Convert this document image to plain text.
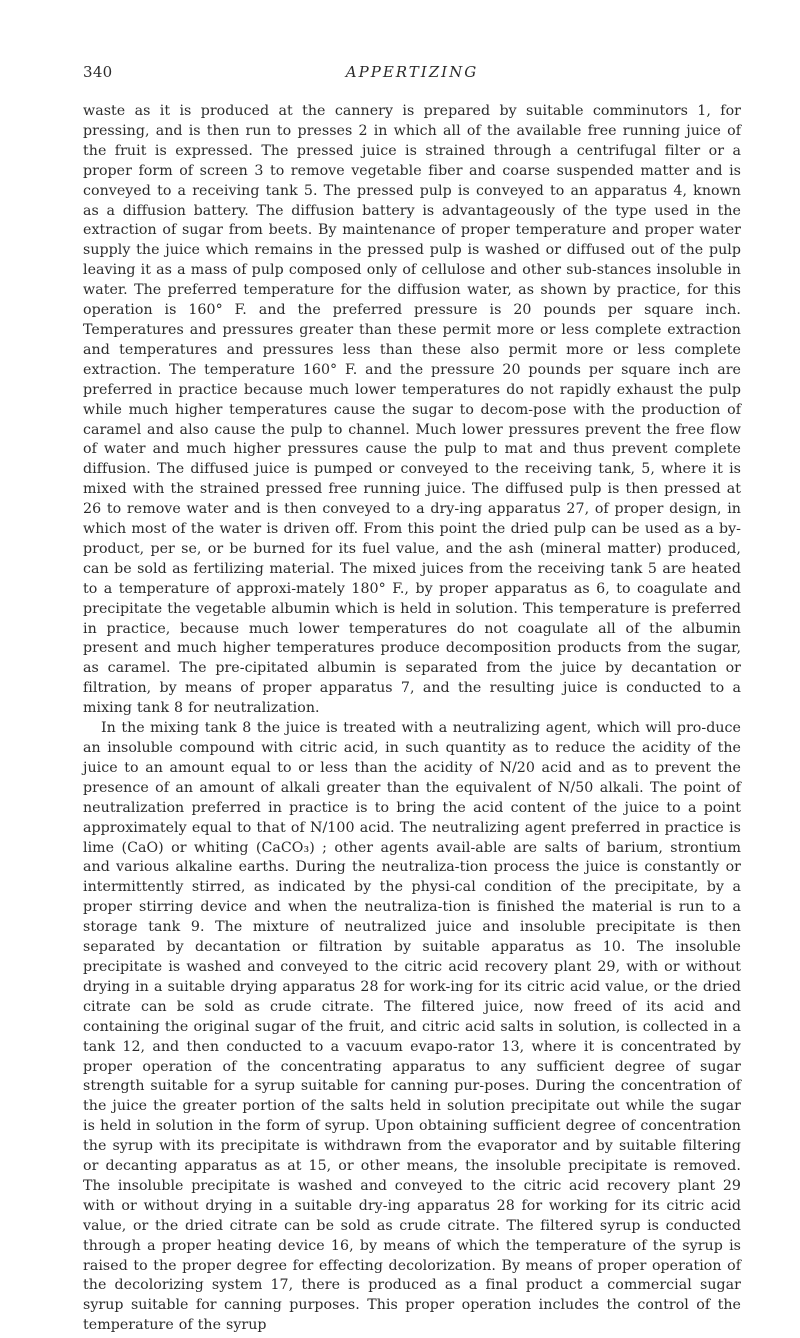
340	APPERTIZING

waste as it is produced at the cannery is prepared by suitable comminutors 1, for pressing, and is then run to presses 2 in which all of the available free running juice of the fruit is expressed. The pressed juice is strained through a centrifugal filter or a proper form of screen 3 to remove vegetable fiber and coarse suspended matter and is conveyed to a receiving tank 5. The pressed pulp is conveyed to an apparatus 4, known as a diffusion battery. The diffusion battery is advantageously of the type used in the extraction of sugar from beets. By maintenance of proper temperature and proper water supply the juice which remains in the pressed pulp is washed or diffused out of the pulp leaving it as a mass of pulp composed only of cellulose and other sub-stances insoluble in water. The preferred temperature for the diffusion water, as shown by practice, for this operation is 160° F. and the preferred pressure is 20 pounds per square inch. Temperatures and pressures greater than these permit more or less complete extraction and temperatures and pressures less than these also permit more or less complete extraction. The temperature 160° F. and the pressure 20 pounds per square inch are preferred in practice because much lower temperatures do not rapidly exhaust the pulp while much higher temperatures cause the sugar to decom-pose with the production of caramel and also cause the pulp to channel. Much lower pressures prevent the free flow of water and much higher pressures cause the pulp to mat and thus prevent complete diffusion. The diffused juice is pumped or conveyed to the receiving tank, 5, where it is mixed with the strained pressed free running juice. The diffused pulp is then pressed at 26 to remove water and is then conveyed to a dry-ing apparatus 27, of proper design, in which most of the water is driven off. From this point the dried pulp can be used as a by-product, per se, or be burned for its fuel value, and the ash (mineral matter) produced, can be sold as fertilizing material. The mixed juices from the receiving tank 5 are heated to a temperature of approxi-mately 180° F., by proper apparatus as 6, to coagulate and precipitate the vegetable albumin which is held in solution. This temperature is preferred in practice, because much lower temperatures do not coagulate all of the albumin present and much higher temperatures produce decomposition products from the sugar, as caramel. The pre-cipitated albumin is separated from the juice by decantation or filtration, by means of proper apparatus 7, and the resulting juice is conducted to a mixing tank 8 for neutralization.

In the mixing tank 8 the juice is treated with a neutralizing agent, which will pro-duce an insoluble compound with citric acid, in such quantity as to reduce the acidity of the juice to an amount equal to or less than the acidity of N/20 acid and as to prevent the presence of an amount of alkali greater than the equivalent of N/50 alkali. The point of neutralization preferred in practice is to bring the acid content of the juice to a point approximately equal to that of N/100 acid. The neutralizing agent preferred in practice is lime (CaO) or whiting (CaCO₃) ; other agents avail-able are salts of barium, strontium and various alkaline earths. During the neutraliza-tion process the juice is constantly or intermittently stirred, as indicated by the physi-cal condition of the precipitate, by a proper stirring device and when the neutraliza-tion is finished the material is run to a storage tank 9. The mixture of neutralized juice and insoluble precipitate is then separated by decantation or filtration by suitable apparatus as 10. The insoluble precipitate is washed and conveyed to the citric acid recovery plant 29, with or without drying in a suitable drying apparatus 28 for work-ing for its citric acid value, or the dried citrate can be sold as crude citrate. The filtered juice, now freed of its acid and containing the original sugar of the fruit, and citric acid salts in solution, is collected in a tank 12, and then conducted to a vacuum evapo-rator 13, where it is concentrated by proper operation of the concentrating apparatus to any sufficient degree of sugar strength suitable for a syrup suitable for canning pur-poses. During the concentration of the juice the greater portion of the salts held in solution precipitate out while the sugar is held in solution in the form of syrup. Upon obtaining sufficient degree of concentration the syrup with its precipitate is withdrawn from the evaporator and by suitable filtering or decanting apparatus as at 15, or other means, the insoluble precipitate is removed. The insoluble precipitate is washed and conveyed to the citric acid recovery plant 29 with or without drying in a suitable dry-ing apparatus 28 for working for its citric acid value, or the dried citrate can be sold as crude citrate. The filtered syrup is conducted through a proper heating device 16, by means of which the temperature of the syrup is raised to the proper degree for effecting decolorization. By means of proper operation of the decolorizing system 17, there is produced as a final product a commercial sugar syrup suitable for canning purposes. This proper operation includes the control of the temperature of the syrup
